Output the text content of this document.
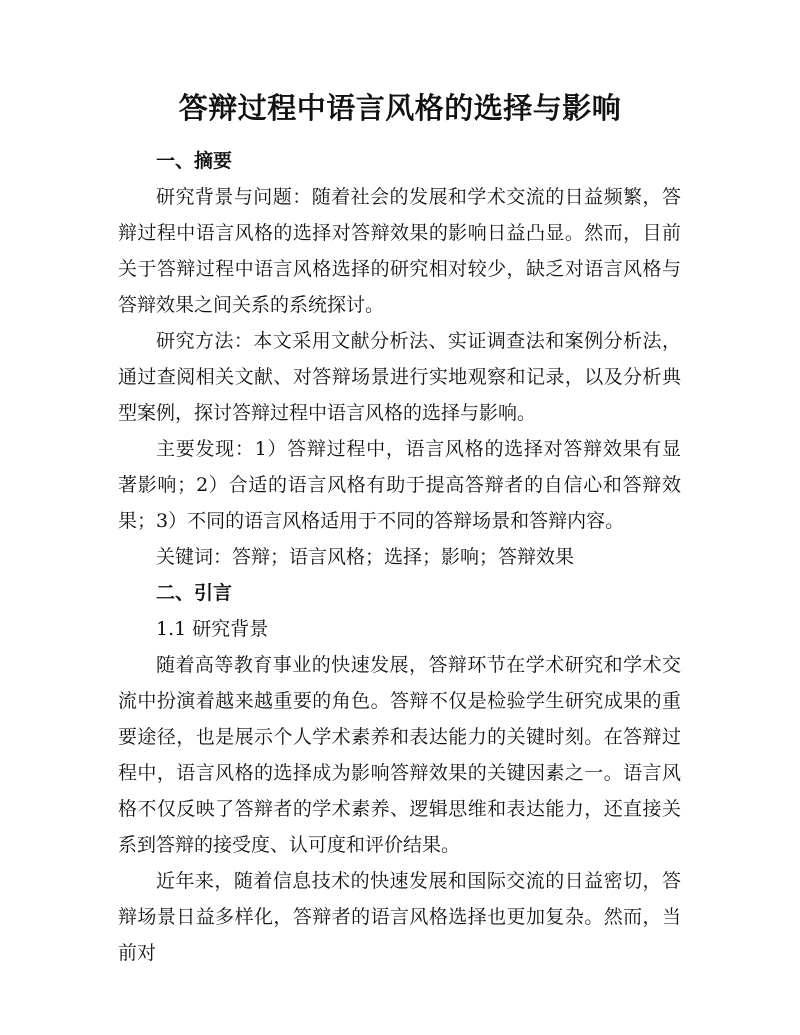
答辩过程中语言风格的选择与影响
一、摘要

研究背景与问题：随着社会的发展和学术交流的日益频繁，答辩过程中语言风格的选择对答辩效果的影响日益凸显。然而，目前关于答辩过程中语言风格选择的研究相对较少，缺乏对语言风格与答辩效果之间关系的系统探讨。

研究方法：本文采用文献分析法、实证调查法和案例分析法，通过查阅相关文献、对答辩场景进行实地观察和记录，以及分析典型案例，探讨答辩过程中语言风格的选择与影响。

主要发现：1）答辩过程中，语言风格的选择对答辩效果有显著影响；2）合适的语言风格有助于提高答辩者的自信心和答辩效果；3）不同的语言风格适用于不同的答辩场景和答辩内容。

关键词：答辩；语言风格；选择；影响；答辩效果

二、引言
1.1 研究背景

随着高等教育事业的快速发展，答辩环节在学术研究和学术交流中扮演着越来越重要的角色。答辩不仅是检验学生研究成果的重要途径，也是展示个人学术素养和表达能力的关键时刻。在答辩过程中，语言风格的选择成为影响答辩效果的关键因素之一。语言风格不仅反映了答辩者的学术素养、逻辑思维和表达能力，还直接关系到答辩的接受度、认可度和评价结果。

近年来，随着信息技术的快速发展和国际交流的日益密切，答辩场景日益多样化，答辩者的语言风格选择也更加复杂。然而，当前对
